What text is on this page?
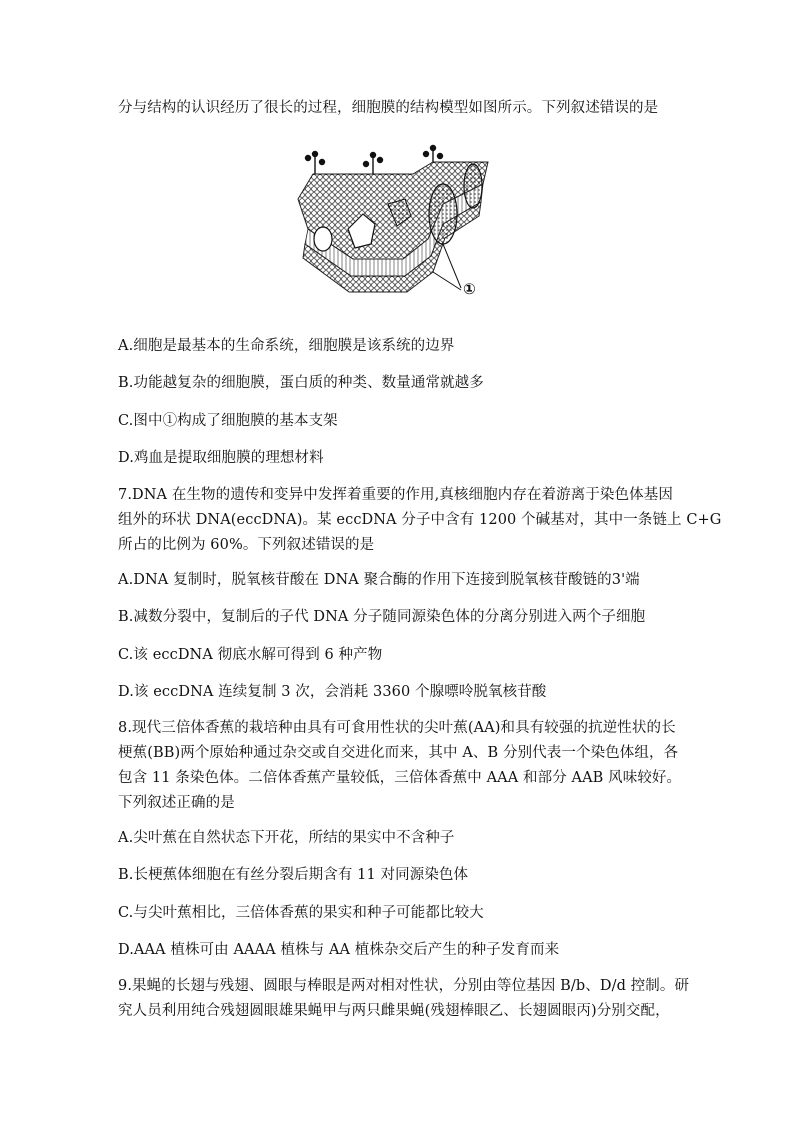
分与结构的认识经历了很长的过程，细胞膜的结构模型如图所示。下列叙述错误的是
①
A.细胞是最基本的生命系统，细胞膜是该系统的边界
B.功能越复杂的细胞膜，蛋白质的种类、数量通常就越多
C.图中①构成了细胞膜的基本支架
D.鸡血是提取细胞膜的理想材料
7.DNA 在生物的遗传和变异中发挥着重要的作用,真核细胞内存在着游离于染色体基因
组外的环状 DNA(eccDNA)。某 eccDNA 分子中含有 1200 个碱基对，其中一条链上 C+G
所占的比例为 60%。下列叙述错误的是
A.DNA 复制时，脱氧核苷酸在 DNA 聚合酶的作用下连接到脱氧核苷酸链的3'端
B.减数分裂中，复制后的子代 DNA 分子随同源染色体的分离分别进入两个子细胞
C.该 eccDNA 彻底水解可得到 6 种产物
D.该 eccDNA 连续复制 3 次，会消耗 3360 个腺嘌呤脱氧核苷酸
8.现代三倍体香蕉的栽培种由具有可食用性状的尖叶蕉(AA)和具有较强的抗逆性状的长
梗蕉(BB)两个原始种通过杂交或自交进化而来，其中 A、B 分别代表一个染色体组，各
包含 11 条染色体。二倍体香蕉产量较低，三倍体香蕉中 AAA 和部分 AAB 风味较好。
下列叙述正确的是
A.尖叶蕉在自然状态下开花，所结的果实中不含种子
B.长梗蕉体细胞在有丝分裂后期含有 11 对同源染色体
C.与尖叶蕉相比，三倍体香蕉的果实和种子可能都比较大
D.AAA 植株可由 AAAA 植株与 AA 植株杂交后产生的种子发育而来
9.果蝇的长翅与残翅、圆眼与棒眼是两对相对性状，分别由等位基因 B/b、D/d 控制。研
究人员利用纯合残翅圆眼雄果蝇甲与两只雌果蝇(残翅棒眼乙、长翅圆眼丙)分别交配，
